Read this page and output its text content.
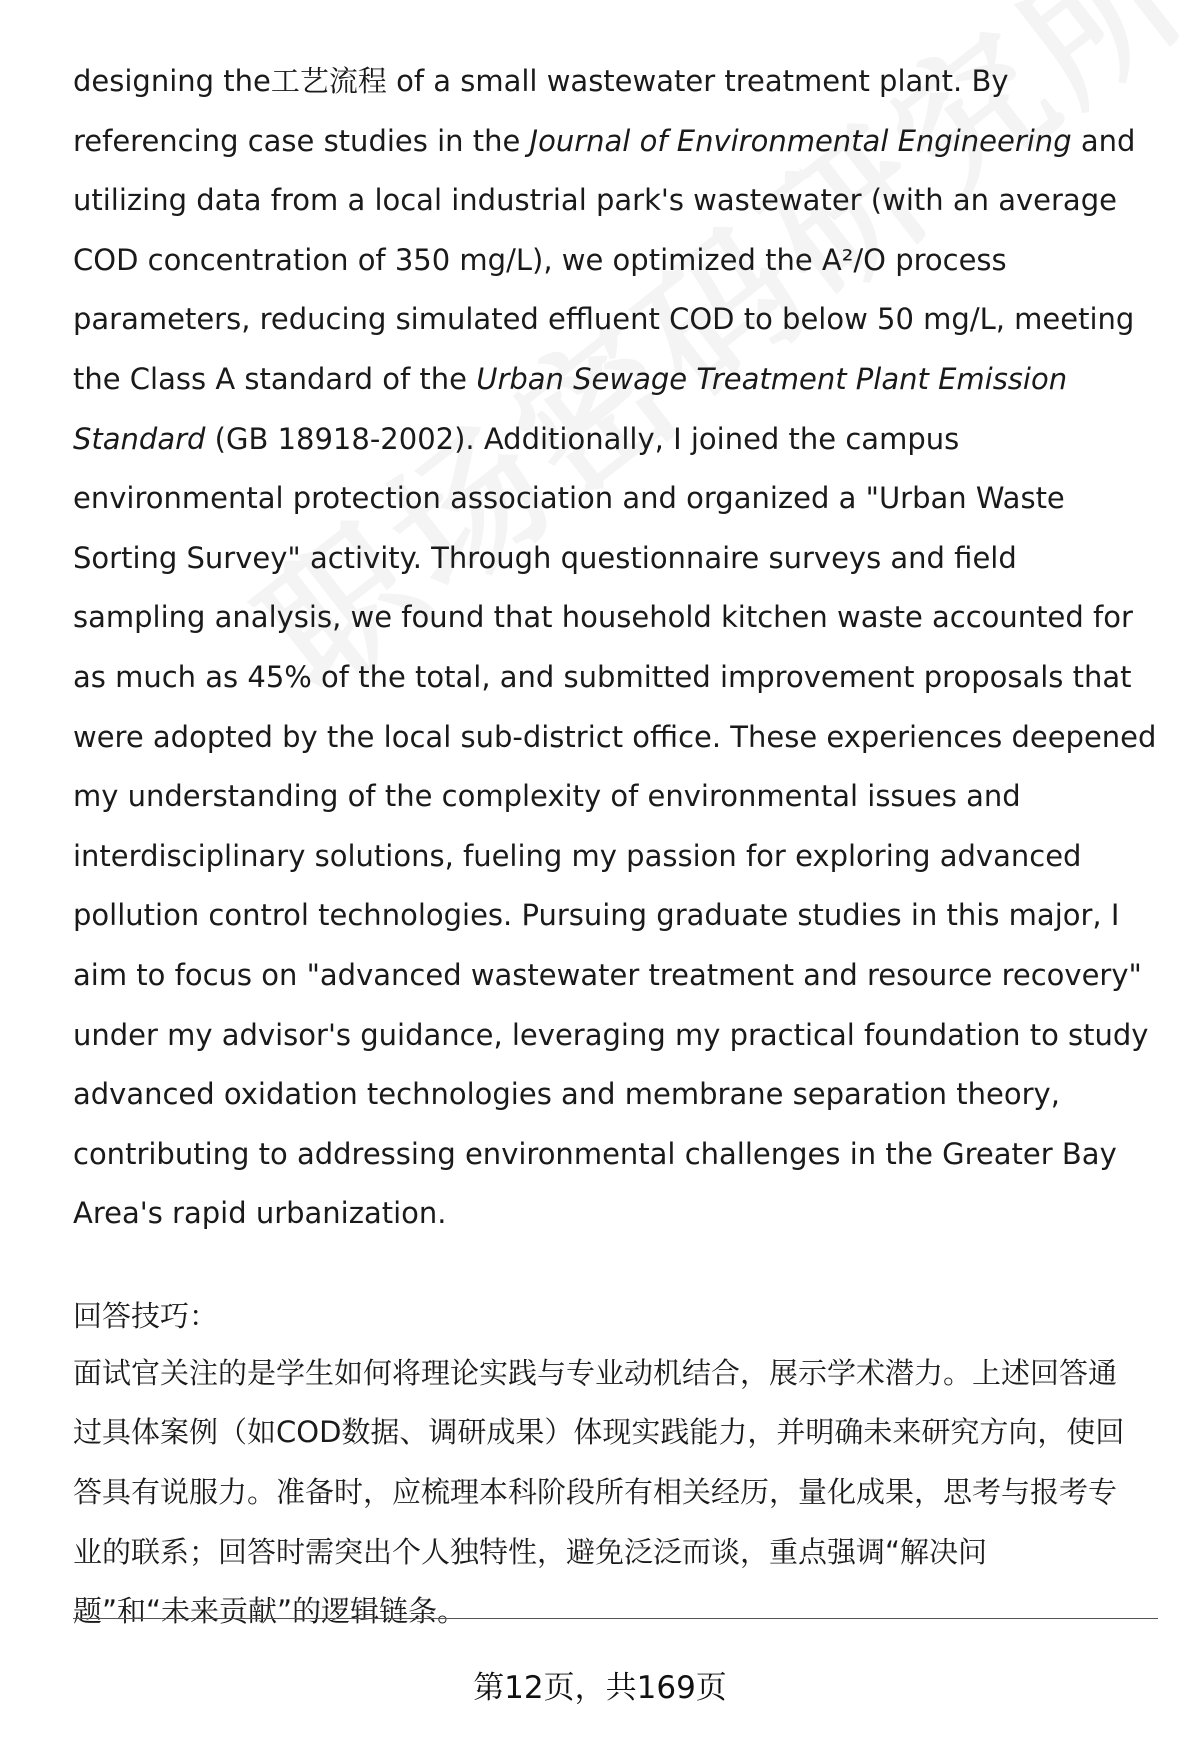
designing the工艺流程 of a small wastewater treatment plant. By referencing case studies in the Journal of Environmental Engineering and utilizing data from a local industrial park's wastewater (with an average COD concentration of 350 mg/L), we optimized the A²/O process parameters, reducing simulated effluent COD to below 50 mg/L, meeting the Class A standard of the Urban Sewage Treatment Plant Emission Standard (GB 18918-2002). Additionally, I joined the campus environmental protection association and organized a "Urban Waste Sorting Survey" activity. Through questionnaire surveys and field sampling analysis, we found that household kitchen waste accounted for as much as 45% of the total, and submitted improvement proposals that were adopted by the local sub-district office. These experiences deepened my understanding of the complexity of environmental issues and interdisciplinary solutions, fueling my passion for exploring advanced pollution control technologies. Pursuing graduate studies in this major, I aim to focus on "advanced wastewater treatment and resource recovery" under my advisor's guidance, leveraging my practical foundation to study advanced oxidation technologies and membrane separation theory, contributing to addressing environmental challenges in the Greater Bay Area's rapid urbanization.

回答技巧：

面试官关注的是学生如何将理论实践与专业动机结合，展示学术潜力。上述回答通
过具体案例（如COD数据、调研成果）体现实践能力，并明确未来研究方向，使回
答具有说服力。准备时，应梳理本科阶段所有相关经历，量化成果，思考与报考专
业的联系；回答时需突出个人独特性，避免泛泛而谈，重点强调“解决问
题”和“未来贡献”的逻辑链条。

第12页，共169页
